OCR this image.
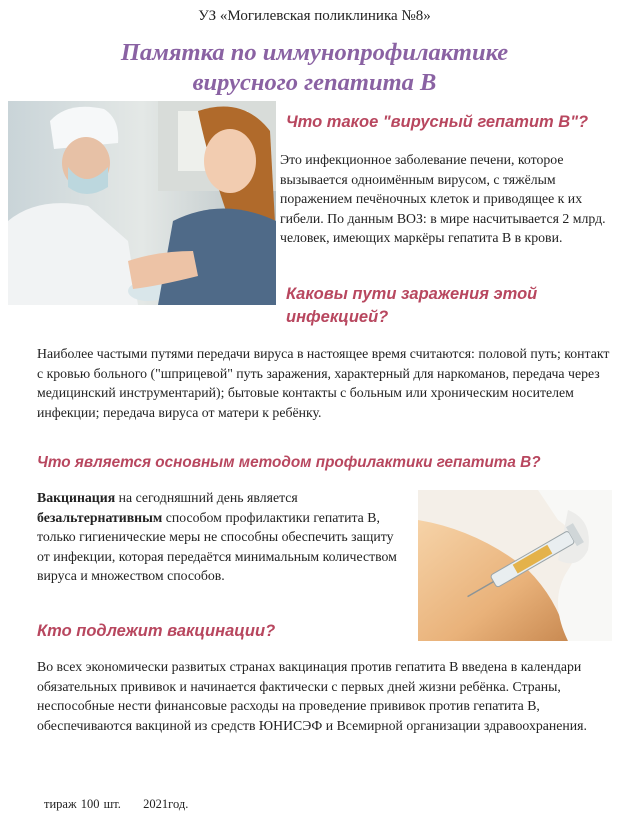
УЗ «Могилевская поликлиника №8»
Памятка по иммунопрофилактике
вирусного гепатита В
Что такое "вирусный гепатит В"?

Это инфекционное заболевание печени, которое вызывается одноимённым вирусом, с тяжёлым поражением печёночных клеток и приводящее к их гибели. По данным ВОЗ: в мире насчитывается 2 млрд. человек, имеющих маркёры гепатита В в крови.

Каковы пути заражения этой
инфекцией?

Наиболее частыми путями передачи вируса в настоящее время считаются: половой путь; контакт с кровью больного ("шприцевой" путь заражения, характерный для наркоманов, передача через медицинский инструментарий); бытовые контакты с больным или хроническим носителем инфекции; передача вируса от матери к ребёнку.

Что является основным методом профилактики гепатита В?

Вакцинация на сегодняшний день является безальтернативным способом профилактики гепатита В, только гигиенические меры не способны обеспечить защиту от инфекции, которая передаётся минимальным количеством вируса и множеством способов.

Кто подлежит вакцинации?

Во всех экономически развитых странах вакцинация против гепатита В введена в календари обязательных прививок и начинается фактически с первых дней жизни ребёнка. Страны, неспособные нести финансовые расходы на проведение прививок против гепатита В, обеспечиваются вакциной из средств ЮНИСЭФ и Всемирной организации здравоохранения.

тираж 100 шт. 2021год.
